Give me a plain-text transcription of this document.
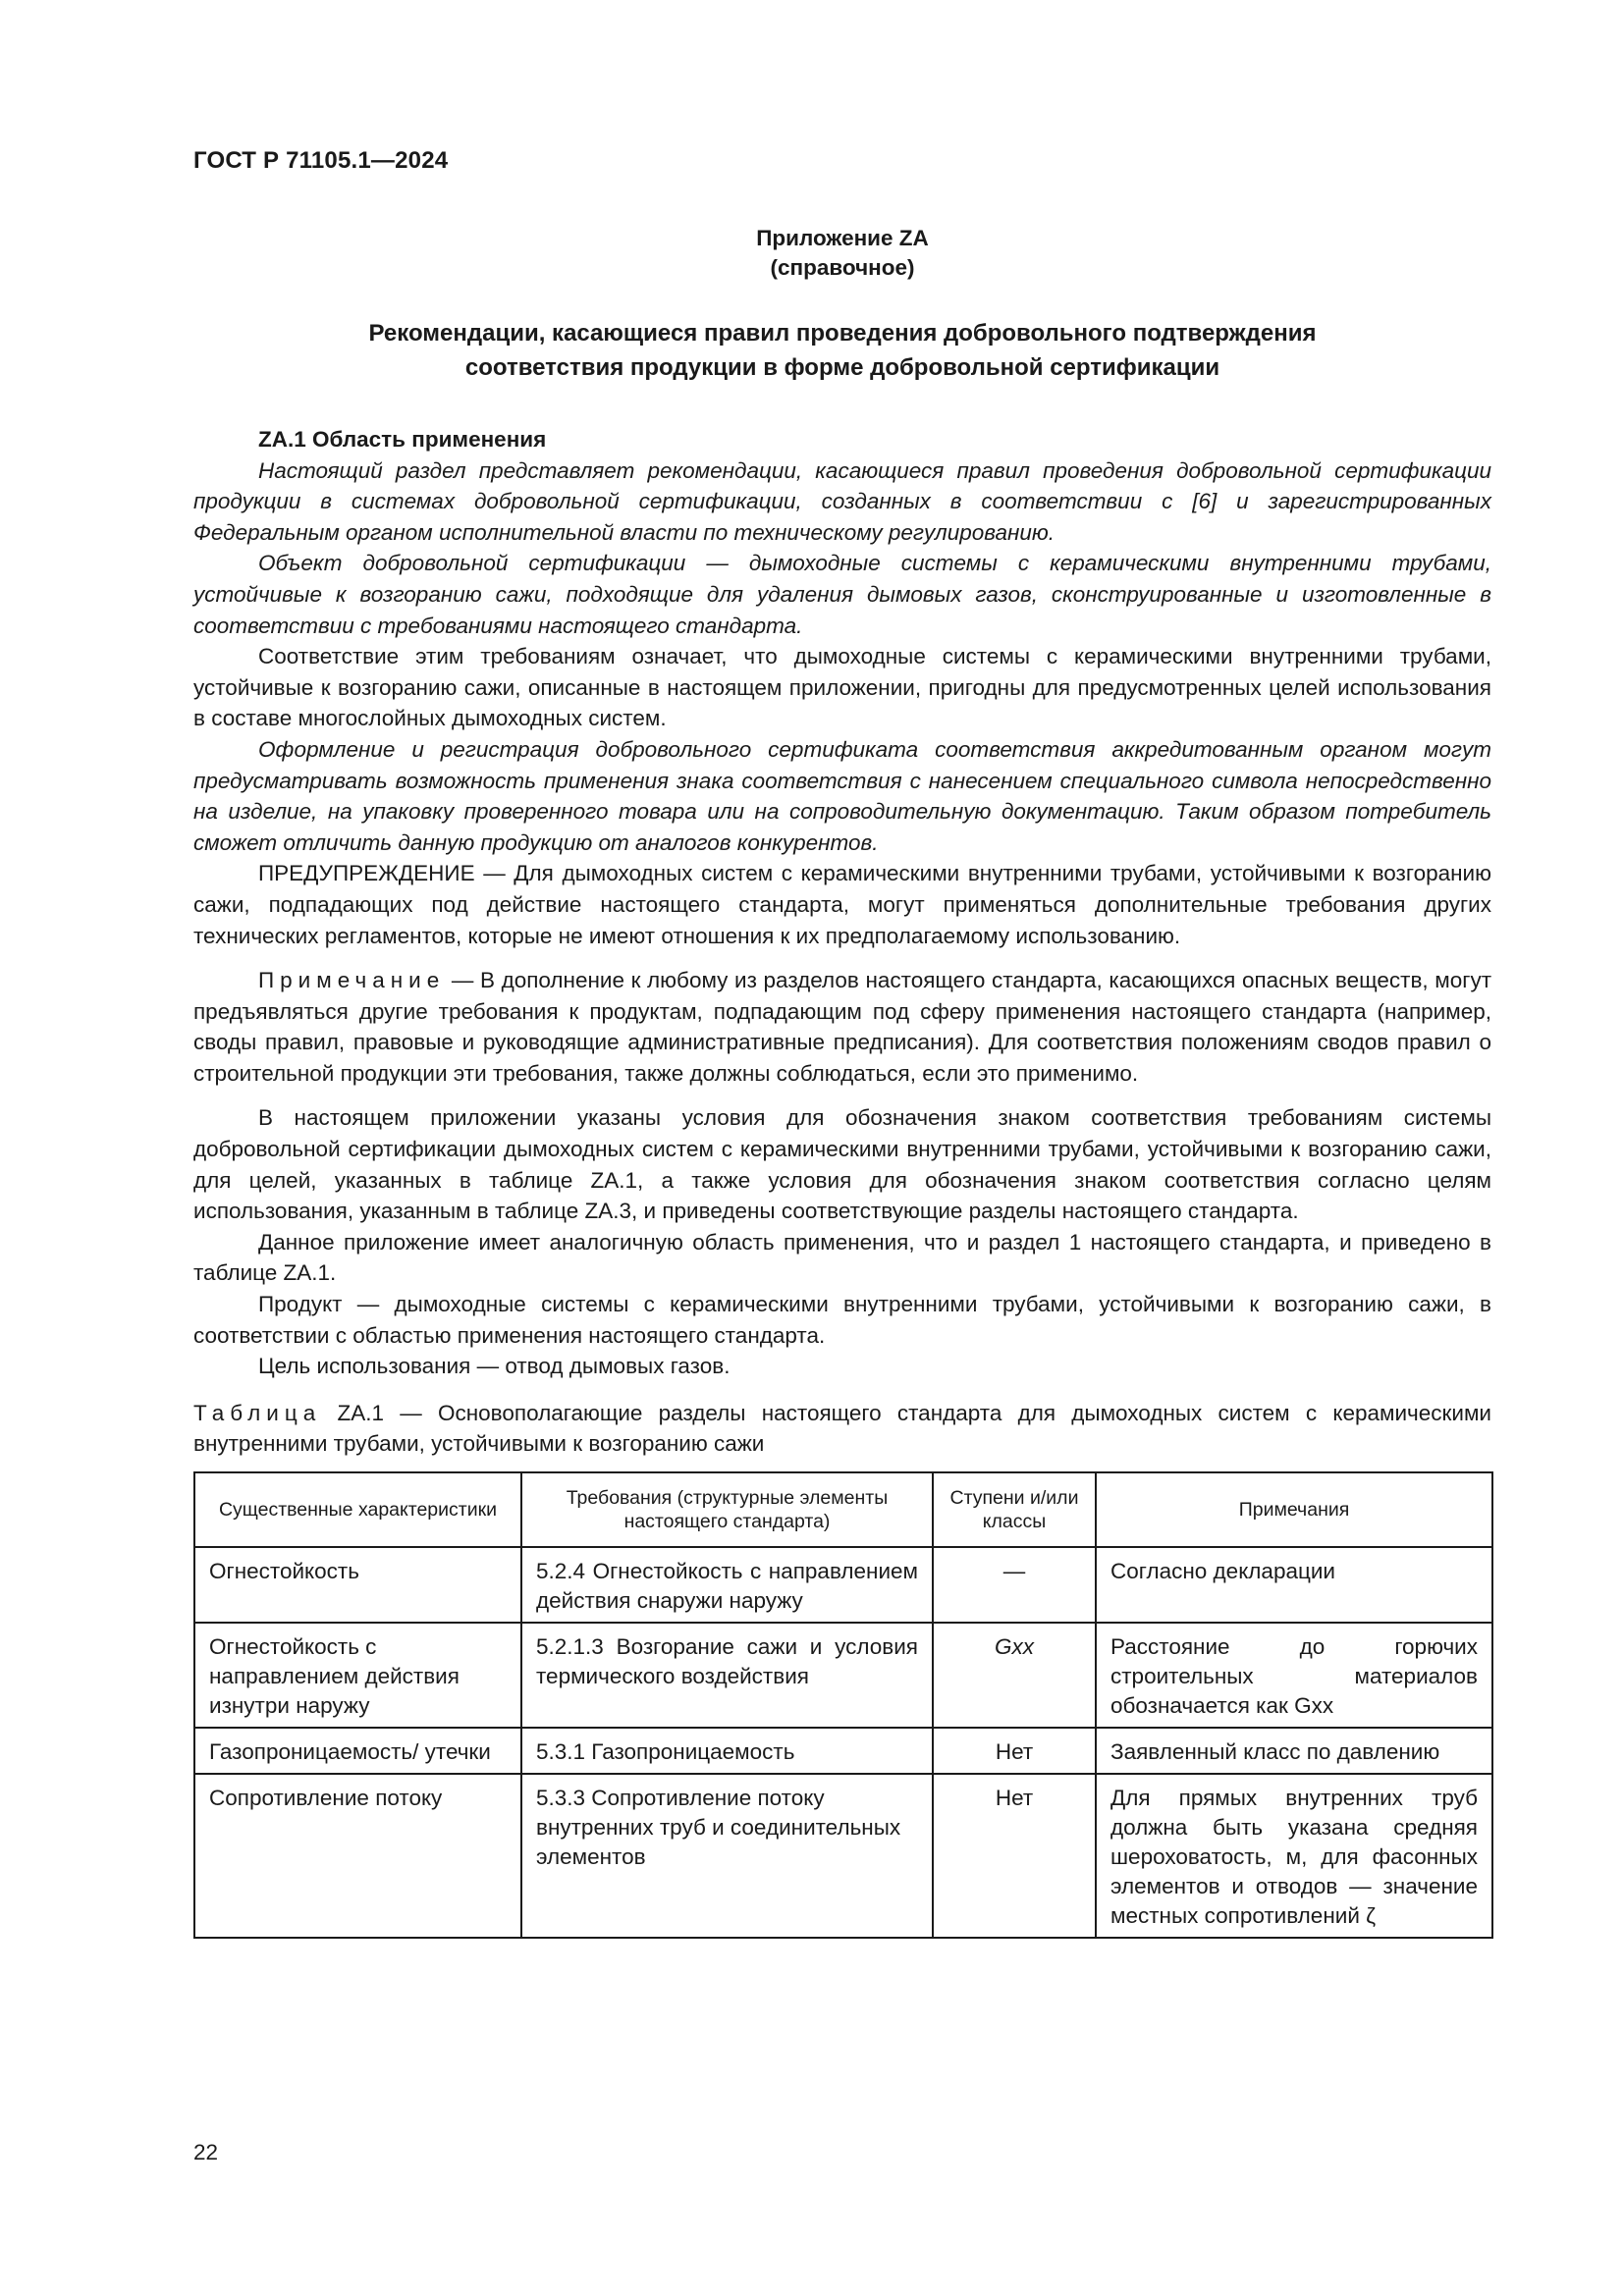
ГОСТ Р 71105.1—2024
Приложение ZA
(справочное)
Рекомендации, касающиеся правил проведения добровольного подтверждения
соответствия продукции в форме добровольной сертификации

ZA.1 Область применения

Настоящий раздел представляет рекомендации, касающиеся правил проведения добровольной сертификации продукции в системах добровольной сертификации, созданных в соответствии с [6] и зарегистрированных Федеральным органом исполнительной власти по техническому регулированию.

Объект добровольной сертификации — дымоходные системы с керамическими внутренними трубами, устойчивые к возгоранию сажи, подходящие для удаления дымовых газов, сконструированные и изготовленные в соответствии с требованиями настоящего стандарта.

Соответствие этим требованиям означает, что дымоходные системы с керамическими внутренними трубами, устойчивые к возгоранию сажи, описанные в настоящем приложении, пригодны для предусмотренных целей использования в составе многослойных дымоходных систем.

Оформление и регистрация добровольного сертификата соответствия аккредитованным органом могут предусматривать возможность применения знака соответствия с нанесением специального символа непосредственно на изделие, на упаковку проверенного товара или на сопроводительную документацию. Таким образом потребитель сможет отличить данную продукцию от аналогов конкурентов.

ПРЕДУПРЕЖДЕНИЕ — Для дымоходных систем с керамическими внутренними трубами, устойчивыми к возгоранию сажи, подпадающих под действие настоящего стандарта, могут применяться дополнительные требования других технических регламентов, которые не имеют отношения к их предполагаемому использованию.

Примечание — В дополнение к любому из разделов настоящего стандарта, касающихся опасных веществ, могут предъявляться другие требования к продуктам, подпадающим под сферу применения настоящего стандарта (например, своды правил, правовые и руководящие административные предписания). Для соответствия положениям сводов правил о строительной продукции эти требования, также должны соблюдаться, если это применимо.

В настоящем приложении указаны условия для обозначения знаком соответствия требованиям системы добровольной сертификации дымоходных систем с керамическими внутренними трубами, устойчивыми к возгоранию сажи, для целей, указанных в таблице ZA.1, а также условия для обозначения знаком соответствия согласно целям использования, указанным в таблице ZA.3, и приведены соответствующие разделы настоящего стандарта.

Данное приложение имеет аналогичную область применения, что и раздел 1 настоящего стандарта, и приведено в таблице ZA.1.

Продукт — дымоходные системы с керамическими внутренними трубами, устойчивыми к возгоранию сажи, в соответствии с областью применения настоящего стандарта.

Цель использования — отвод дымовых газов.

Таблица ZA.1 — Основополагающие разделы настоящего стандарта для дымоходных систем с керамическими внутренними трубами, устойчивыми к возгоранию сажи
Существенные характеристики	Требования (структурные элементы настоящего стандарта)	Ступени и/или классы	Примечания
Огнестойкость	5.2.4 Огнестойкость с направлением действия снаружи наружу	—	Согласно декларации
Огнестойкость с направлением действия изнутри наружу	5.2.1.3 Возгорание сажи и условия термического воздействия	Gxx	Расстояние до горючих строительных материалов обозначается как Gxx
Газопроницаемость/ утечки	5.3.1 Газопроницаемость	Нет	Заявленный класс по давлению
Сопротивление потоку	5.3.3 Сопротивление потоку внутренних труб и соединительных элементов	Нет	Для прямых внутренних труб должна быть указана средняя шероховатость, м, для фасонных элементов и отводов — значение местных сопротивлений ζ
22
